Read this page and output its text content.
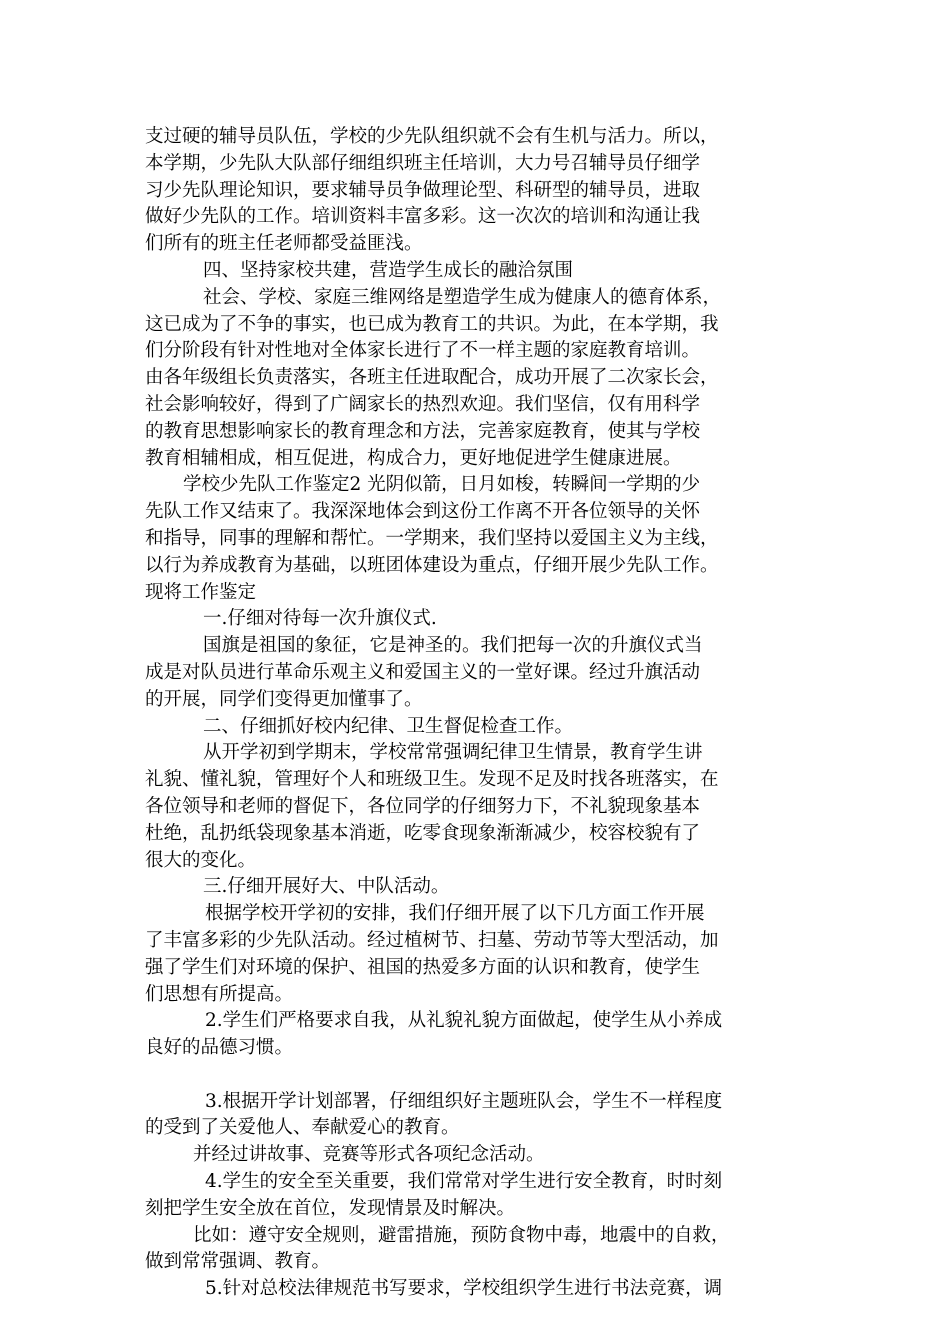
支过硬的辅导员队伍，学校的少先队组织就不会有生机与活力。所以，
本学期，少先队大队部仔细组织班主任培训，大力号召辅导员仔细学
习少先队理论知识，要求辅导员争做理论型、科研型的辅导员，进取
做好少先队的工作。培训资料丰富多彩。这一次次的培训和沟通让我
们所有的班主任老师都受益匪浅。
四、坚持家校共建，营造学生成长的融洽氛围
社会、学校、家庭三维网络是塑造学生成为健康人的德育体系，
这已成为了不争的事实，也已成为教育工的共识。为此，在本学期，我
们分阶段有针对性地对全体家长进行了不一样主题的家庭教育培训。
由各年级组长负责落实，各班主任进取配合，成功开展了二次家长会，
社会影响较好，得到了广阔家长的热烈欢迎。我们坚信，仅有用科学
的教育思想影响家长的教育理念和方法，完善家庭教育，使其与学校
教育相辅相成，相互促进，构成合力，更好地促进学生健康进展。
学校少先队工作鉴定2 光阴似箭，日月如梭，转瞬间一学期的少
先队工作又结束了。我深深地体会到这份工作离不开各位领导的关怀
和指导，同事的理解和帮忙。一学期来，我们坚持以爱国主义为主线，
以行为养成教育为基础，以班团体建设为重点，仔细开展少先队工作。
现将工作鉴定
一.仔细对待每一次升旗仪式.
国旗是祖国的象征，它是神圣的。我们把每一次的升旗仪式当
成是对队员进行革命乐观主义和爱国主义的一堂好课。经过升旗活动
的开展，同学们变得更加懂事了。
二、仔细抓好校内纪律、卫生督促检查工作。
从开学初到学期末，学校常常强调纪律卫生情景，教育学生讲
礼貌、懂礼貌，管理好个人和班级卫生。发现不足及时找各班落实，在
各位领导和老师的督促下，各位同学的仔细努力下，不礼貌现象基本
杜绝，乱扔纸袋现象基本消逝，吃零食现象渐渐减少，校容校貌有了
很大的变化。
三.仔细开展好大、中队活动。
根据学校开学初的安排，我们仔细开展了以下几方面工作开展
了丰富多彩的少先队活动。经过植树节、扫墓、劳动节等大型活动，加
强了学生们对环境的保护、祖国的热爱多方面的认识和教育，使学生
们思想有所提高。
2.学生们严格要求自我，从礼貌礼貌方面做起，使学生从小养成
良好的品德习惯。
3.根据开学计划部署，仔细组织好主题班队会，学生不一样程度
的受到了关爱他人、奉献爱心的教育。
并经过讲故事、竞赛等形式各项纪念活动。
4.学生的安全至关重要，我们常常对学生进行安全教育，时时刻
刻把学生安全放在首位，发现情景及时解决。
比如：遵守安全规则，避雷措施，预防食物中毒，地震中的自救，
做到常常强调、教育。
5.针对总校法律规范书写要求，学校组织学生进行书法竞赛，调
